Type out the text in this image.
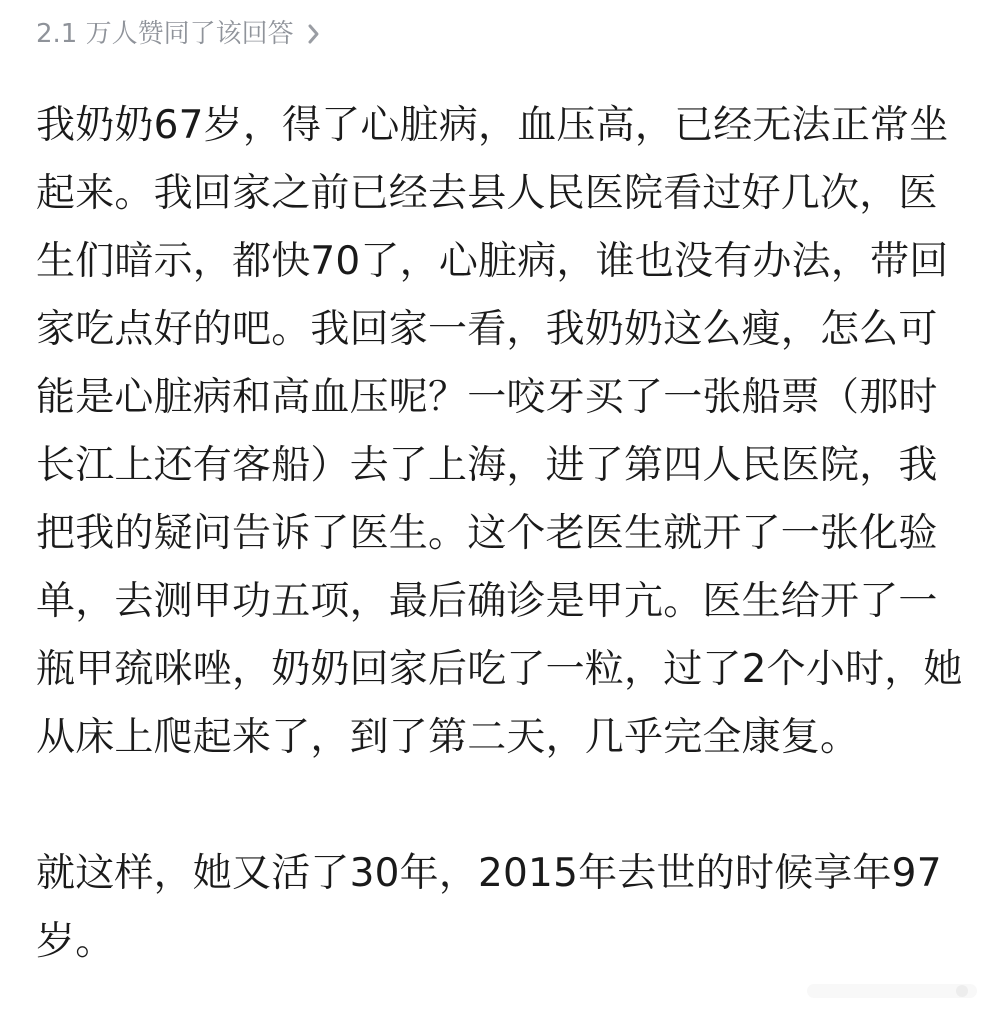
2.1 万人赞同了该回答

我奶奶67岁，得了心脏病，血压高，已经无法正常坐起来。我回家之前已经去县人民医院看过好几次，医生们暗示，都快70了，心脏病，谁也没有办法，带回家吃点好的吧。我回家一看，我奶奶这么瘦，怎么可能是心脏病和高血压呢？一咬牙买了一张船票（那时长江上还有客船）去了上海，进了第四人民医院，我把我的疑问告诉了医生。这个老医生就开了一张化验单，去测甲功五项，最后确诊是甲亢。医生给开了一瓶甲巯咪唑，奶奶回家后吃了一粒，过了2个小时，她从床上爬起来了，到了第二天，几乎完全康复。

就这样，她又活了30年，2015年去世的时候享年97岁。
